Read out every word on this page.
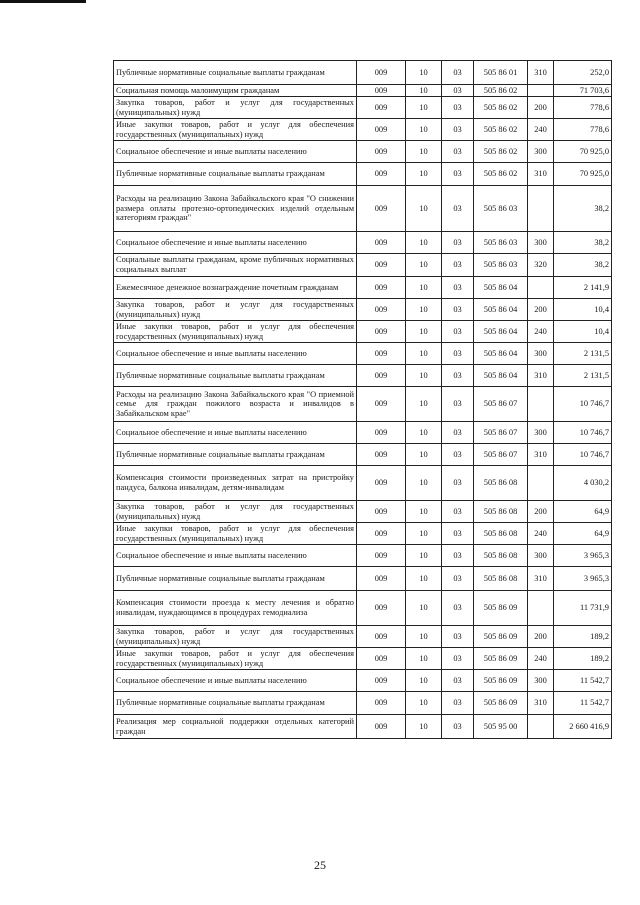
Публичные нормативные социальные выплаты гражданам	009	10	03	505 86 01	310	252,0
Социальная помощь малоимущим гражданам	009	10	03	505 86 02		71 703,6
Закупка товаров, работ и услуг для государственных (муниципальных) нужд	009	10	03	505 86 02	200	778,6
Иные закупки товаров, работ и услуг для обеспечения государственных (муниципальных) нужд	009	10	03	505 86 02	240	778,6
Социальное обеспечение и иные выплаты населению	009	10	03	505 86 02	300	70 925,0
Публичные нормативные социальные выплаты гражданам	009	10	03	505 86 02	310	70 925,0
Расходы на реализацию Закона Забайкальского края "О снижении размера оплаты протезно-ортопедических изделий отдельным категориям граждан"	009	10	03	505 86 03		38,2
Социальное обеспечение и иные выплаты населению	009	10	03	505 86 03	300	38,2
Социальные выплаты гражданам, кроме публичных нормативных социальных выплат	009	10	03	505 86 03	320	38,2
Ежемесячное денежное вознаграждение почетным гражданам	009	10	03	505 86 04		2 141,9
Закупка товаров, работ и услуг для государственных (муниципальных) нужд	009	10	03	505 86 04	200	10,4
Иные закупки товаров, работ и услуг для обеспечения государственных (муниципальных) нужд	009	10	03	505 86 04	240	10,4
Социальное обеспечение и иные выплаты населению	009	10	03	505 86 04	300	2 131,5
Публичные нормативные социальные выплаты гражданам	009	10	03	505 86 04	310	2 131,5
Расходы на реализацию Закона Забайкальского края "О приемной семье для граждан пожилого возраста и инвалидов в Забайкальском крае"	009	10	03	505 86 07		10 746,7
Социальное обеспечение и иные выплаты населению	009	10	03	505 86 07	300	10 746,7
Публичные нормативные социальные выплаты гражданам	009	10	03	505 86 07	310	10 746,7
Компенсация стоимости произведенных затрат на пристройку пандуса, балкона инвалидам, детям-инвалидам	009	10	03	505 86 08		4 030,2
Закупка товаров, работ и услуг для государственных (муниципальных) нужд	009	10	03	505 86 08	200	64,9
Иные закупки товаров, работ и услуг для обеспечения государственных (муниципальных) нужд	009	10	03	505 86 08	240	64,9
Социальное обеспечение и иные выплаты населению	009	10	03	505 86 08	300	3 965,3
Публичные нормативные социальные выплаты гражданам	009	10	03	505 86 08	310	3 965,3
Компенсация стоимости проезда к месту лечения и обратно инвалидам, нуждающимся в процедурах гемодиализа	009	10	03	505 86 09		11 731,9
Закупка товаров, работ и услуг для государственных (муниципальных) нужд	009	10	03	505 86 09	200	189,2
Иные закупки товаров, работ и услуг для обеспечения государственных (муниципальных) нужд	009	10	03	505 86 09	240	189,2
Социальное обеспечение и иные выплаты населению	009	10	03	505 86 09	300	11 542,7
Публичные нормативные социальные выплаты гражданам	009	10	03	505 86 09	310	11 542,7
Реализация мер социальной поддержки отдельных категорий граждан	009	10	03	505 95 00		2 660 416,9
25
